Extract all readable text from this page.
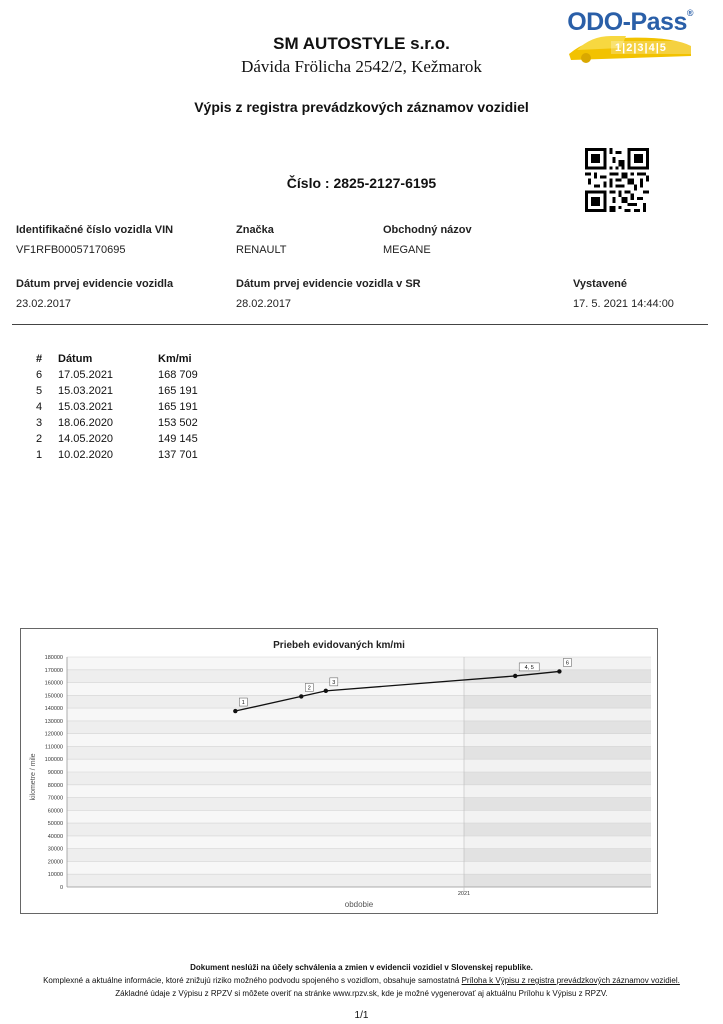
SM AUTOSTYLE s.r.o.
Dávida Frölicha 2542/2, Kežmarok
ODO-Pass®
1|2|3|4|5
Výpis z registra prevádzkových záznamov vozidiel
Číslo : 2825-2127-6195
Identifikačné číslo vozidla VIN
VF1RFB00057170695
Značka
RENAULT
Obchodný názov
MEGANE
Dátum prvej evidencie vozidla
23.02.2017
Dátum prvej evidencie vozidla v SR
28.02.2017
Vystavené
17. 5. 2021 14:44:00
#	Dátum	Km/mi
6	17.05.2021	168 709
5	15.03.2021	165 191
4	15.03.2021	165 191
3	18.06.2020	153 502
2	14.05.2020	149 145
1	10.02.2020	137 701
Priebeh evidovaných km/mi
0
10000
20000
30000
40000
50000
60000
70000
80000
90000
100000
110000
120000
130000
140000
150000
160000
170000
180000
2021
1
2
3
4, 5
6
kilometre / mile
obdobie
Dokument neslúži na účely schválenia a zmien v evidencii vozidiel v Slovenskej republike.
Komplexné a aktuálne informácie, ktoré znižujú riziko možného podvodu spojeného s vozidlom, obsahuje samostatná Príloha k Výpisu z registra prevádzkových záznamov vozidiel.
Základné údaje z Výpisu z RPZV si môžete overiť na stránke www.rpzv.sk, kde je možné vygenerovať aj aktuálnu Prílohu k Výpisu z RPZV.
1/1
